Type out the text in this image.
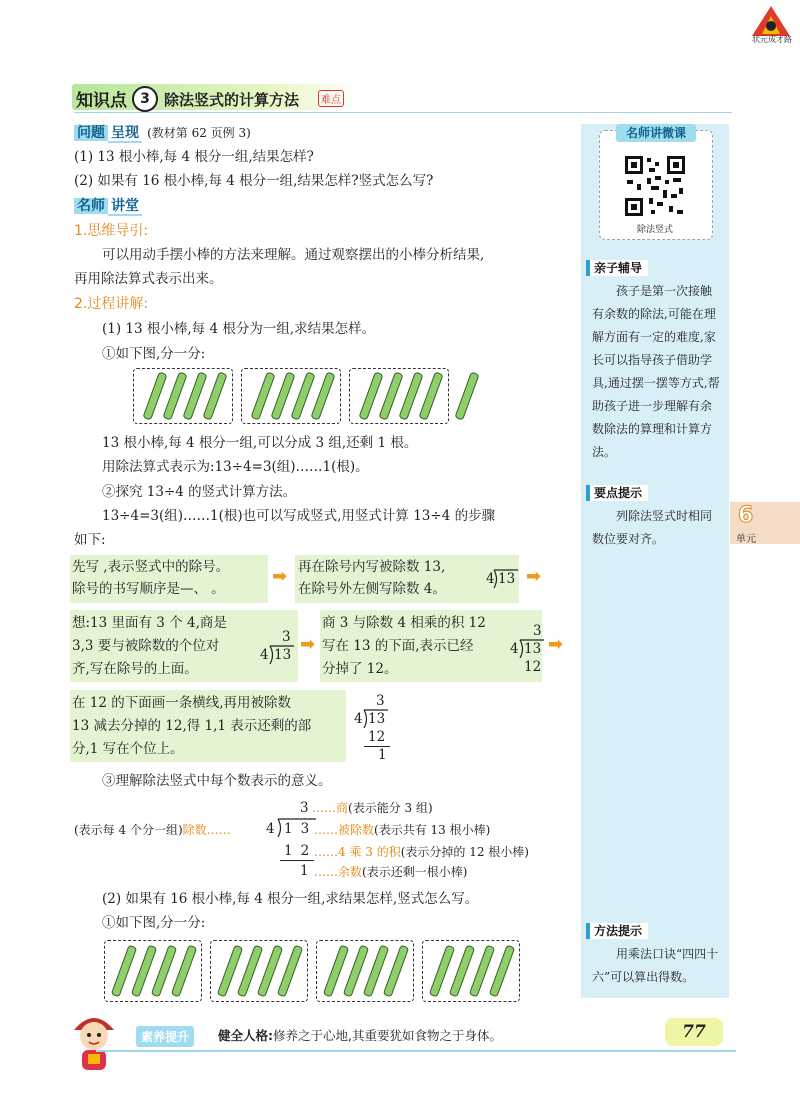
状元成才路
知识点 3 除法竖式的计算方法	难点
问题 呈现 (教材第 62 页例 3)
(1) 13 根小棒,每 4 根分一组,结果怎样?
(2) 如果有 16 根小棒,每 4 根分一组,结果怎样?竖式怎么写?
名师 讲堂
1.思维导引:
可以用动手摆小棒的方法来理解。通过观察摆出的小棒分析结果,
再用除法算式表示出来。
2.过程讲解:
(1) 13 根小棒,每 4 根分为一组,求结果怎样。
①如下图,分一分:
13 根小棒,每 4 根分一组,可以分成 3 组,还剩 1 根。
用除法算式表示为:13÷4=3(组)……1(根)。
②探究 13÷4 的竖式计算方法。
13÷4=3(组)……1(根)也可以写成竖式,用竖式计算 13÷4 的步骤
如下:
先写 ,表示竖式中的除号。
除号的书写顺序是—、 。
➡ 再在除号内写被除数 13,
在除号外左侧写除数 4。
4 13 ➡
想:13 里面有 3 个 4,商是
3,3 要与被除数的个位对
齐,写在除号的上面。
3
4 13 ➡
商 3 与除数 4 相乘的积 12
写在 13 的下面,表示已经
分掉了 12。
3
4 13
12
➡
在 12 的下面画一条横线,再用被除数
13 减去分掉的 12,得 1,1 表示还剩的部
分,1 写在个位上。
3
4 13
12
1
③理解除法竖式中每个数表示的意义。
3 ……商(表示能分 3 组)
(表示每 4 个分一组)除数……	4 13
……被除数(表示共有 13 根小棒)
12
……4 乘 3 的积(表示分掉的 12 根小棒)
1 ……余数(表示还剩一根小棒)
(2) 如果有 16 根小棒,每 4 根分一组,求结果怎样,竖式怎么写。
①如下图,分一分:
名师讲微课
除法竖式
亲子辅导
孩子是第一次接触有余数的除法,可能在理解方面有一定的难度,家长可以指导孩子借助学具,通过摆一摆等方式,帮助孩子进一步理解有余数除法的算理和计算方法。
要点提示
列除法竖式时相同数位要对齐。
方法提示
用乘法口诀“四四十六”可以算出得数。
6
单元
素养提升	健全人格:修养之于心地,其重要犹如食物之于身体。	77
